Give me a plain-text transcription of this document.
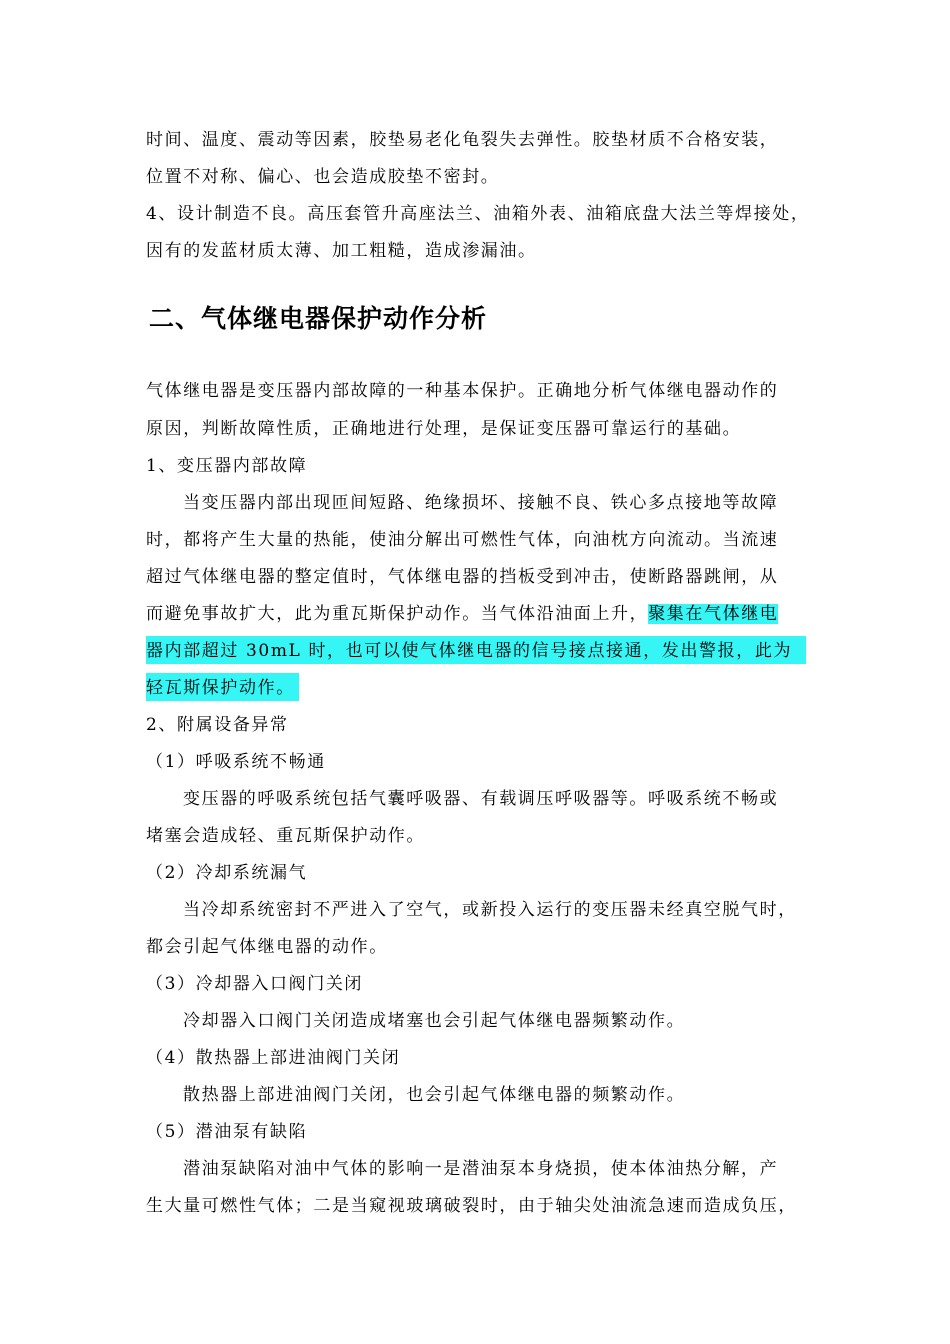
时间、温度、震动等因素，胶垫易老化龟裂失去弹性。胶垫材质不合格安装，
位置不对称、偏心、也会造成胶垫不密封。
4、设计制造不良。高压套管升高座法兰、油箱外表、油箱底盘大法兰等焊接处，
因有的发蓝材质太薄、加工粗糙，造成渗漏油。
二、气体继电器保护动作分析
气体继电器是变压器内部故障的一种基本保护。正确地分析气体继电器动作的
原因，判断故障性质，正确地进行处理，是保证变压器可靠运行的基础。
1、变压器内部故障
当变压器内部出现匝间短路、绝缘损坏、接触不良、铁心多点接地等故障
时，都将产生大量的热能，使油分解出可燃性气体，向油枕方向流动。当流速
超过气体继电器的整定值时，气体继电器的挡板受到冲击，使断路器跳闸，从
而避免事故扩大，此为重瓦斯保护动作。当气体沿油面上升，聚集在气体继电
器内部超过 30mL 时，也可以使气体继电器的信号接点接通，发出警报，此为
轻瓦斯保护动作。
2、附属设备异常
（1）呼吸系统不畅通
变压器的呼吸系统包括气囊呼吸器、有载调压呼吸器等。呼吸系统不畅或
堵塞会造成轻、重瓦斯保护动作。
（2）冷却系统漏气
当冷却系统密封不严进入了空气，或新投入运行的变压器未经真空脱气时，
都会引起气体继电器的动作。
（3）冷却器入口阀门关闭
冷却器入口阀门关闭造成堵塞也会引起气体继电器频繁动作。
（4）散热器上部进油阀门关闭
散热器上部进油阀门关闭，也会引起气体继电器的频繁动作。
（5）潜油泵有缺陷
潜油泵缺陷对油中气体的影响一是潜油泵本身烧损，使本体油热分解，产
生大量可燃性气体；二是当窥视玻璃破裂时，由于轴尖处油流急速而造成负压，
